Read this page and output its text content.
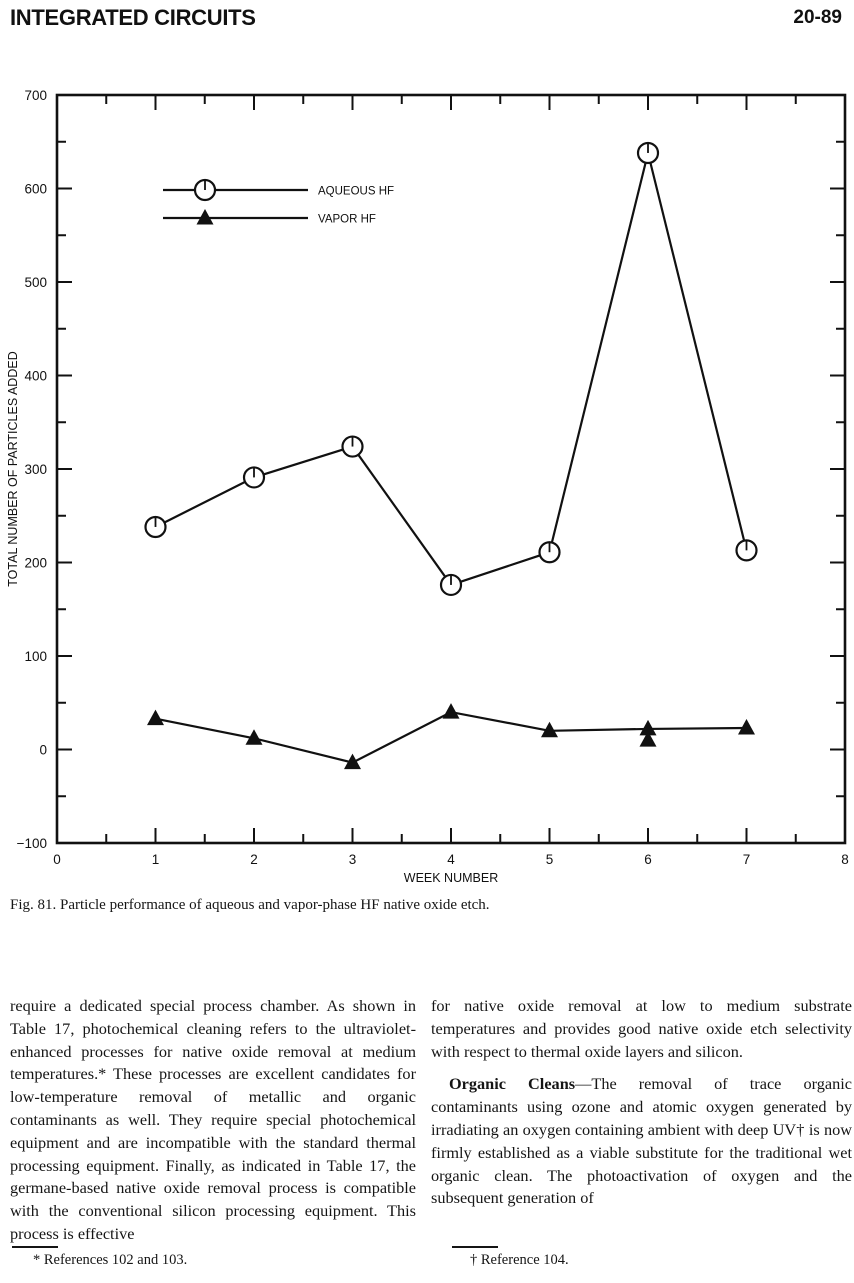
INTEGRATED CIRCUITS	20-89
0	1	2	3	4	5	6	7	8
−100
0
100
200
300
400
500
600
700
WEEK NUMBER
TOTAL NUMBER OF PARTICLES ADDED
AQUEOUS HF
VAPOR HF
Fig. 81. Particle performance of aqueous and vapor-phase HF native oxide etch.

require a dedicated special process chamber. As shown in Table 17, photochemical cleaning refers to the ultraviolet-enhanced processes for native oxide removal at medium temperatures.* These processes are excellent candidates for low-temperature removal of metallic and organic contaminants as well. They require special photochemical equipment and are incompatible with the standard thermal processing equipment. Finally, as indicated in Table 17, the germane-based native oxide removal process is compatible with the conventional silicon processing equipment. This process is effective

for native oxide removal at low to medium substrate temperatures and provides good native oxide etch selectivity with respect to thermal oxide layers and silicon.

Organic Cleans—The removal of trace organic contaminants using ozone and atomic oxygen generated by irradiating an oxygen containing ambient with deep UV† is now firmly established as a viable substitute for the traditional wet organic clean. The photoactivation of oxygen and the subsequent generation of

* References 102 and 103.	† Reference 104.
